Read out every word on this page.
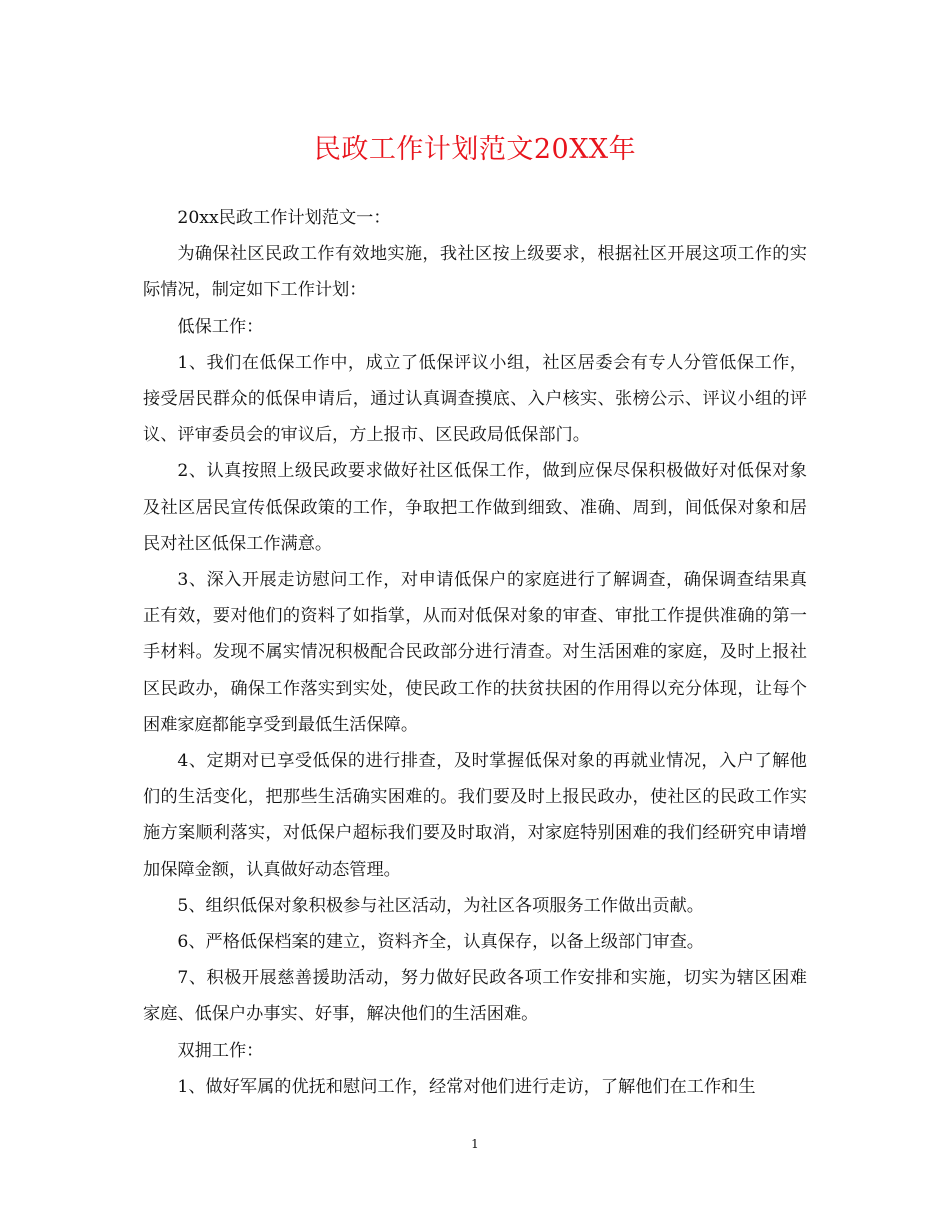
民政工作计划范文20XX年

20xx民政工作计划范文一：

为确保社区民政工作有效地实施，我社区按上级要求，根据社区开展这项工作的实际情况，制定如下工作计划：

低保工作：

1、我们在低保工作中，成立了低保评议小组，社区居委会有专人分管低保工作，接受居民群众的低保申请后，通过认真调查摸底、入户核实、张榜公示、评议小组的评议、评审委员会的审议后，方上报市、区民政局低保部门。

2、认真按照上级民政要求做好社区低保工作，做到应保尽保积极做好对低保对象及社区居民宣传低保政策的工作，争取把工作做到细致、准确、周到，间低保对象和居民对社区低保工作满意。

3、深入开展走访慰问工作，对申请低保户的家庭进行了解调查，确保调查结果真正有效，要对他们的资料了如指掌，从而对低保对象的审查、审批工作提供准确的第一手材料。发现不属实情况积极配合民政部分进行清查。对生活困难的家庭，及时上报社区民政办，确保工作落实到实处，使民政工作的扶贫扶困的作用得以充分体现，让每个困难家庭都能享受到最低生活保障。

4、定期对已享受低保的进行排查，及时掌握低保对象的再就业情况，入户了解他们的生活变化，把那些生活确实困难的。我们要及时上报民政办，使社区的民政工作实施方案顺利落实，对低保户超标我们要及时取消，对家庭特别困难的我们经研究申请增加保障金额，认真做好动态管理。

5、组织低保对象积极参与社区活动，为社区各项服务工作做出贡献。

6、严格低保档案的建立，资料齐全，认真保存，以备上级部门审查。

7、积极开展慈善援助活动，努力做好民政各项工作安排和实施，切实为辖区困难家庭、低保户办事实、好事，解决他们的生活困难。

双拥工作：

1、做好军属的优抚和慰问工作，经常对他们进行走访，了解他们在工作和生

1
